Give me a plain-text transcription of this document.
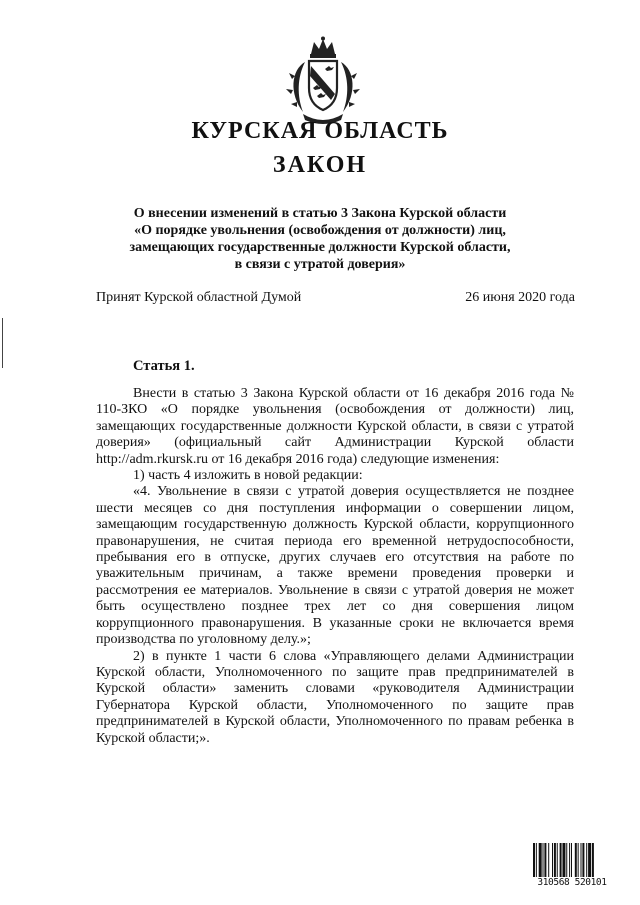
КУРСКАЯ ОБЛАСТЬ
ЗАКОН
О внесении изменений в статью 3 Закона Курской области
«О порядке увольнения (освобождения от должности) лиц,
замещающих государственные должности Курской области,
в связи с утратой доверия»
Принят Курской областной Думой	26 июня 2020 года
Статья 1.

Внести в статью 3 Закона Курской области от 16 декабря 2016 года № 110-ЗКО «О порядке увольнения (освобождения от должности) лиц, замещающих государственные должности Курской области, в связи с утратой доверия» (официальный сайт Администрации Курской области http://adm.rkursk.ru от 16 декабря 2016 года) следующие изменения:

1) часть 4 изложить в новой редакции:

«4. Увольнение в связи с утратой доверия осуществляется не позднее шести месяцев со дня поступления информации о совершении лицом, замещающим государственную должность Курской области, коррупционного правонарушения, не считая периода его временной нетрудоспособности, пребывания его в отпуске, других случаев его отсутствия на работе по уважительным причинам, а также времени проведения проверки и рассмотрения ее материалов. Увольнение в связи с утратой доверия не может быть осуществлено позднее трех лет со дня совершения лицом коррупционного правонарушения. В указанные сроки не включается время производства по уголовному делу.»;

2) в пункте 1 части 6 слова «Управляющего делами Администрации Курской области, Уполномоченного по защите прав предпринимателей в Курской области» заменить словами «руководителя Администрации Губернатора Курской области, Уполномоченного по защите прав предпринимателей в Курской области, Уполномоченного по правам ребенка в Курской области;».

310568 520101
